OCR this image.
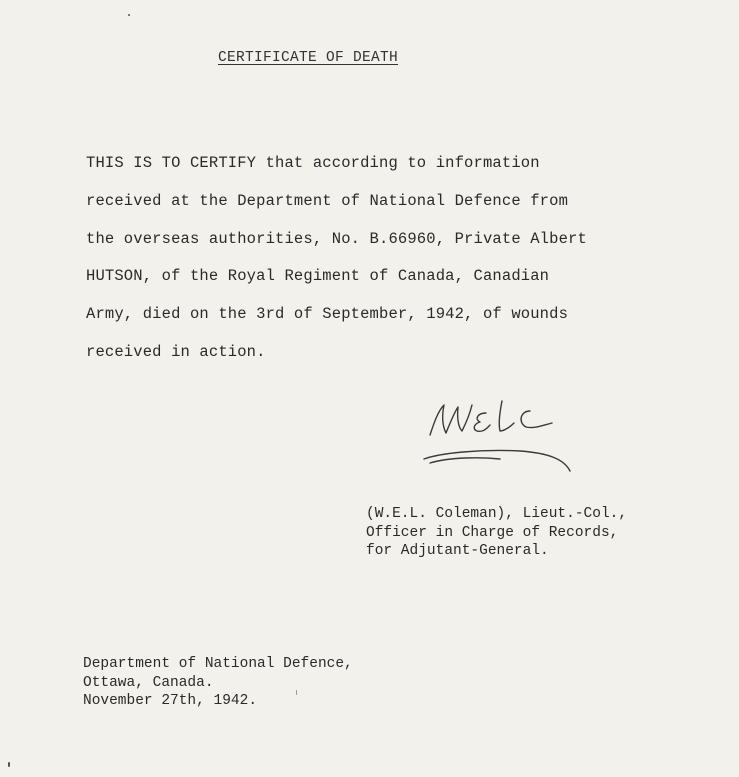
CERTIFICATE OF DEATH
THIS IS TO CERTIFY that according to information
received at the Department of National Defence from
the overseas authorities, No. B.66960, Private Albert
HUTSON, of the Royal Regiment of Canada, Canadian
Army, died on the 3rd of September, 1942, of wounds
received in action.
(W.E.L. Coleman), Lieut.-Col.,
Officer in Charge of Records,
for Adjutant-General.
Department of National Defence,
Ottawa, Canada.
November 27th, 1942.
